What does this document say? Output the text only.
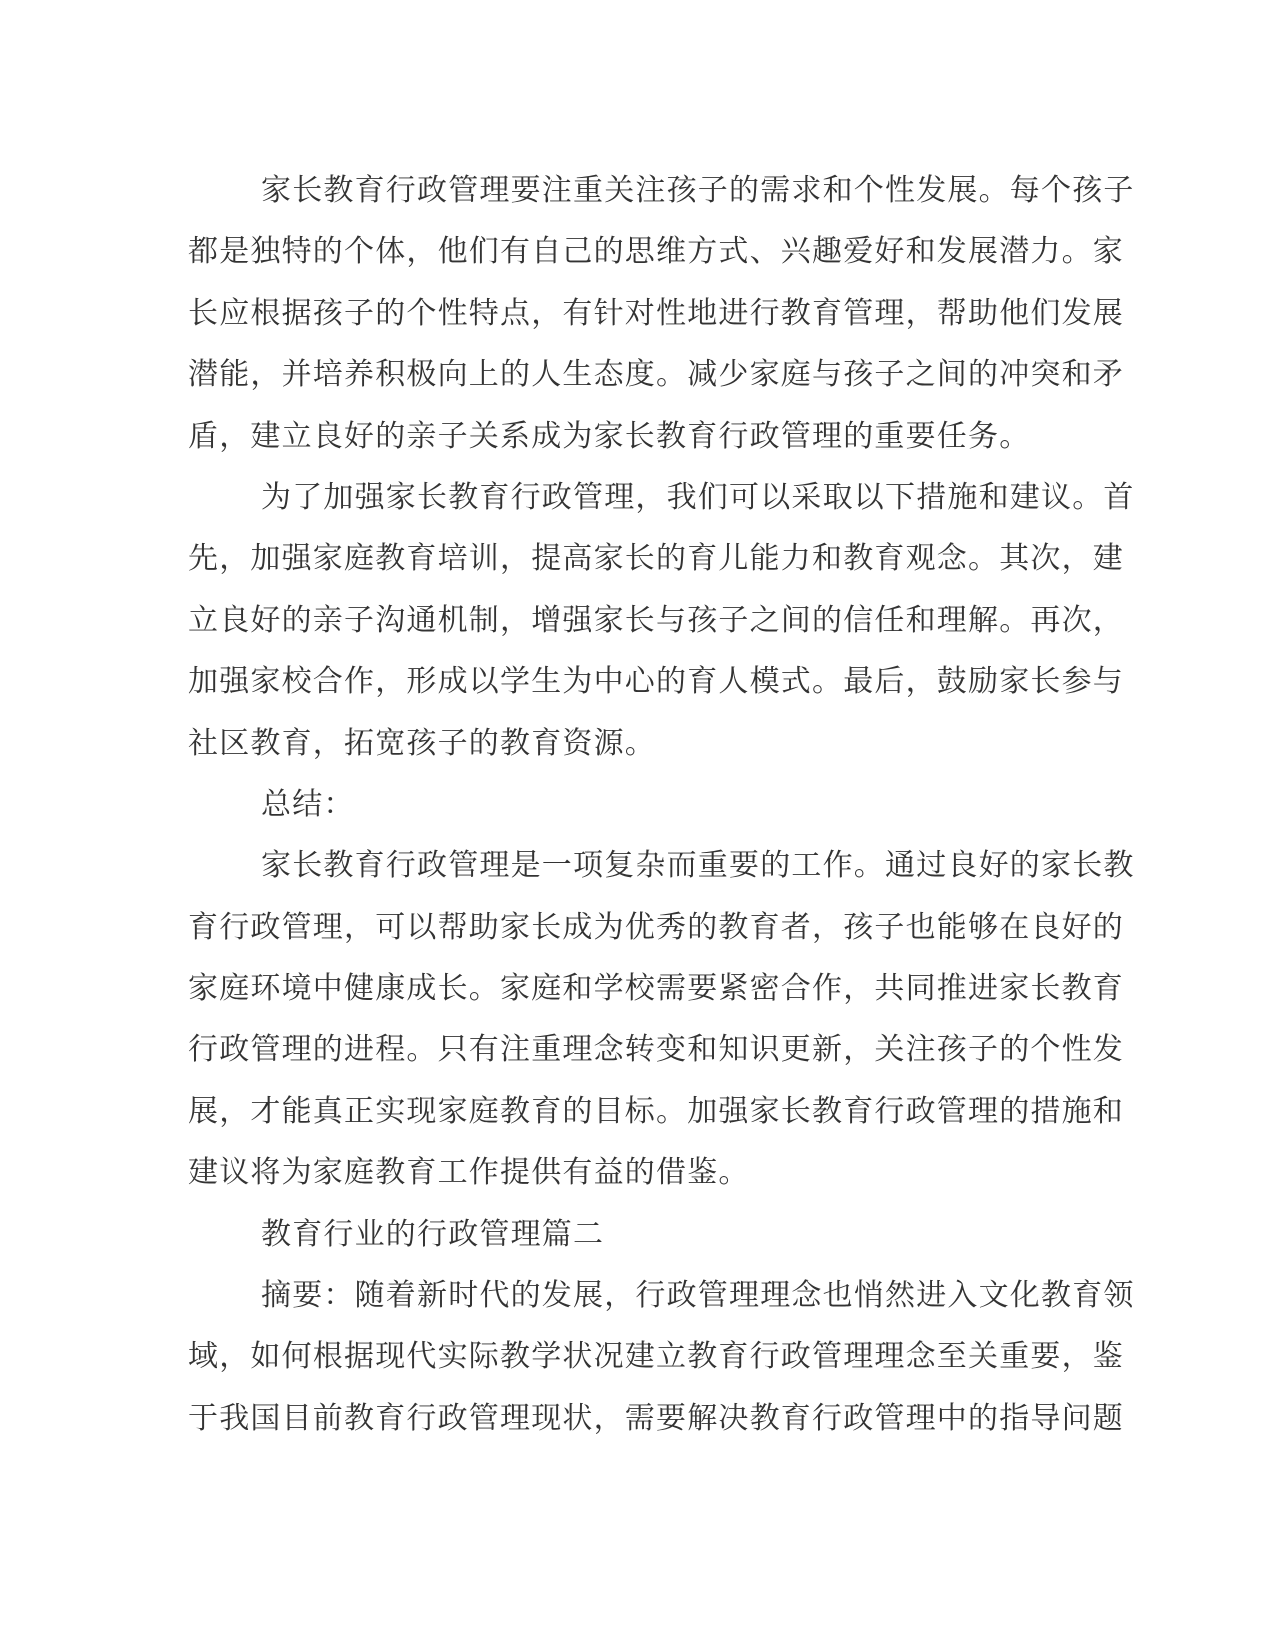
家长教育行政管理要注重关注孩子的需求和个性发展。每个孩子
都是独特的个体，他们有自己的思维方式、兴趣爱好和发展潜力。家
长应根据孩子的个性特点，有针对性地进行教育管理，帮助他们发展
潜能，并培养积极向上的人生态度。减少家庭与孩子之间的冲突和矛
盾，建立良好的亲子关系成为家长教育行政管理的重要任务。
为了加强家长教育行政管理，我们可以采取以下措施和建议。首
先，加强家庭教育培训，提高家长的育儿能力和教育观念。其次，建
立良好的亲子沟通机制，增强家长与孩子之间的信任和理解。再次，
加强家校合作，形成以学生为中心的育人模式。最后，鼓励家长参与
社区教育，拓宽孩子的教育资源。
总结：
家长教育行政管理是一项复杂而重要的工作。通过良好的家长教
育行政管理，可以帮助家长成为优秀的教育者，孩子也能够在良好的
家庭环境中健康成长。家庭和学校需要紧密合作，共同推进家长教育
行政管理的进程。只有注重理念转变和知识更新，关注孩子的个性发
展，才能真正实现家庭教育的目标。加强家长教育行政管理的措施和
建议将为家庭教育工作提供有益的借鉴。
教育行业的行政管理篇二
摘要：随着新时代的发展，行政管理理念也悄然进入文化教育领
域，如何根据现代实际教学状况建立教育行政管理理念至关重要，鉴
于我国目前教育行政管理现状，需要解决教育行政管理中的指导问题
